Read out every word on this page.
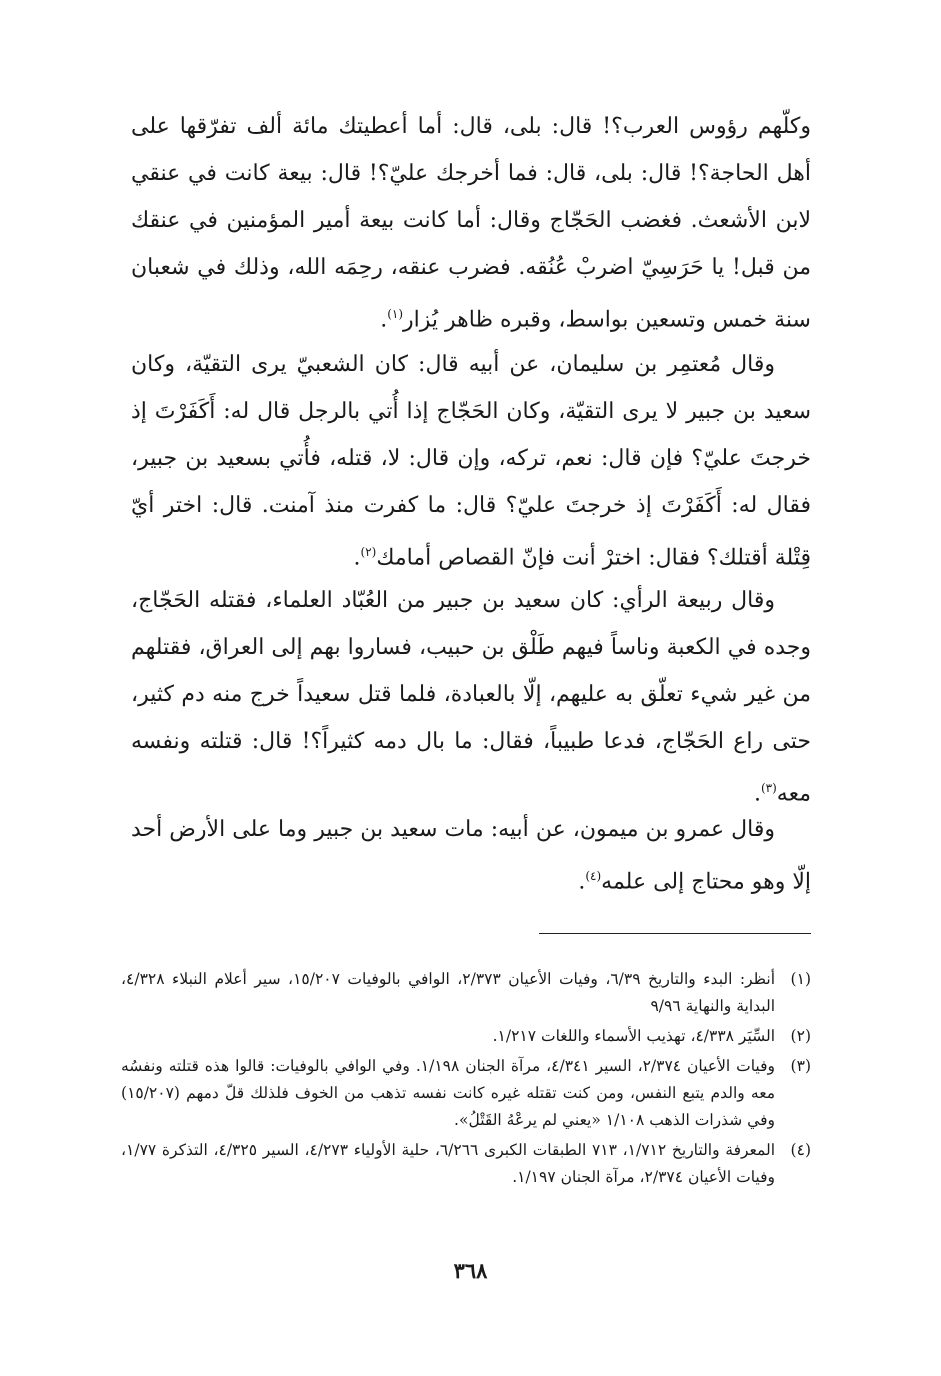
وكلّهم رؤوس العرب؟! قال: بلى، قال: أما أعطيتك مائة ألف تفرّقها على أهل الحاجة؟! قال: بلى، قال: فما أخرجك عليّ؟! قال: بيعة كانت في عنقي لابن الأشعث. فغضب الحَجّاج وقال: أما كانت بيعة أمير المؤمنين في عنقك من قبل! يا حَرَسِيّ اضربْ عُنُقه. فضرب عنقه، رحِمَه الله، وذلك في شعبان سنة خمس وتسعين بواسط، وقبره ظاهر يُزار$^{(١)}$.

وقال مُعتمِر بن سليمان، عن أبيه قال: كان الشعبيّ يرى التقيّة، وكان سعيد بن جبير لا يرى التقيّة، وكان الحَجّاج إذا أُتي بالرجل قال له: أَكَفَرْتَ إذ خرجتَ عليّ؟ فإن قال: نعم، تركه، وإن قال: لا، قتله، فأُتي بسعيد بن جبير، فقال له: أَكَفَرْتَ إذ خرجتَ عليّ؟ قال: ما كفرت منذ آمنت. قال: اختر أيّ قِتْلة أقتلك؟ فقال: اخترْ أنت فإنّ القصاص أمامك$^{(٢)}$.

وقال ربيعة الرأي: كان سعيد بن جبير من العُبّاد العلماء، فقتله الحَجّاج، وجده في الكعبة وناساً فيهم طَلْق بن حبيب، فساروا بهم إلى العراق، فقتلهم من غير شيء تعلّق به عليهم، إلّا بالعبادة، فلما قتل سعيداً خرج منه دم كثير، حتى راع الحَجّاج، فدعا طبيباً، فقال: ما بال دمه كثيراً؟! قال: قتلته ونفسه معه$^{(٣)}$.

وقال عمرو بن ميمون، عن أبيه: مات سعيد بن جبير وما على الأرض أحد إلّا وهو محتاج إلى علمه$^{(٤)}$.

(١)
أنظر: البدء والتاريخ ٦/٣٩، وفيات الأعيان ٢/٣٧٣، الوافي بالوفيات ١٥/٢٠٧، سير أعلام النبلاء ٤/٣٢٨، البداية والنهاية ٩/٩٦
(٢)
السِّيَر ٤/٣٣٨، تهذيب الأسماء واللغات ١/٢١٧.
(٣)
وفيات الأعيان ٢/٣٧٤، السير ٤/٣٤١، مرآة الجنان ١/١٩٨. وفي الوافي بالوفيات: قالوا هذه قتلته ونفسُه معه والدم يتبع النفس، ومن كنت تقتله غيره كانت نفسه تذهب من الخوف فلذلك قلّ دمهم (١٥/٢٠٧) وفي شذرات الذهب ١/١٠٨ «يعني لم يرعْهُ القَتْلُ».
(٤)
المعرفة والتاريخ ١/٧١٢، ٧١٣ الطبقات الكبرى ٦/٢٦٦، حلية الأولياء ٤/٢٧٣، السير ٤/٣٢٥، التذكرة ١/٧٧، وفيات الأعيان ٢/٣٧٤، مرآة الجنان ١/١٩٧.
٣٦٨
